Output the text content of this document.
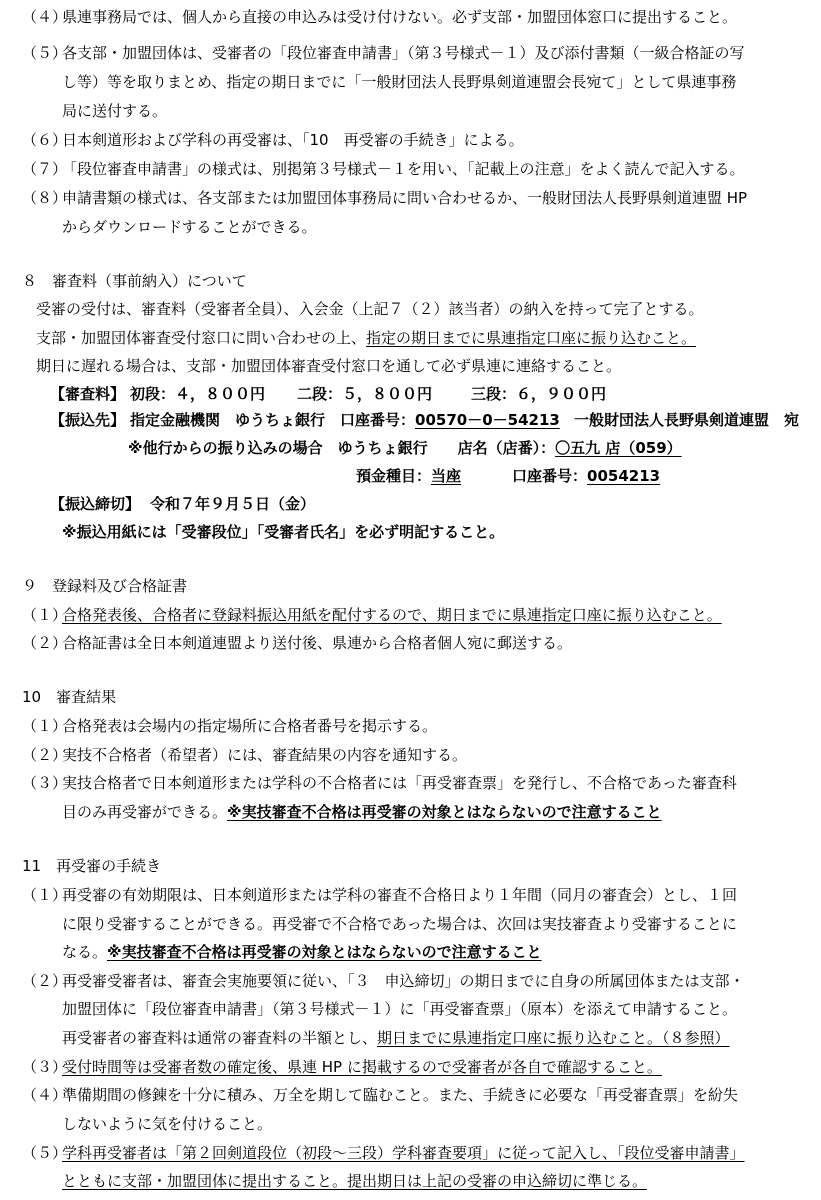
（４）
県連事務局では、個人から直接の申込みは受け付けない。必ず支部・加盟団体窓口に提出すること。
（５）
各支部・加盟団体は、受審者の「段位審査申請書」（第３号様式－１）及び添付書類（一級合格証の写
し等）等を取りまとめ、指定の期日までに「一般財団法人長野県剣道連盟会長宛て」として県連事務
局に送付する。
（６）
日本剣道形および学科の再受審は、「10　再受審の手続き」による。
（７）
「段位審査申請書」の様式は、別掲第３号様式－１を用い、「記載上の注意」をよく読んで記入する。
（８）
申請書類の様式は、各支部または加盟団体事務局に問い合わせるか、一般財団法人長野県剣道連盟 HP
からダウンロードすることができる。
８　審査料（事前納入）について
受審の受付は、審査料（受審者全員）、入会金（上記７（２）該当者）の納入を持って完了とする。
支部・加盟団体審査受付窓口に問い合わせの上、指定の期日までに県連指定口座に振り込むこと。
期日に遅れる場合は、支部・加盟団体審査受付窓口を通して必ず県連に連絡すること。
【審査料】 初段：４，８００円 二段：５，８００円	三段：６，９００円
【振込先】 指定金融機関　ゆうちょ銀行　口座番号：00570－0－54213 一般財団法人長野県剣道連盟　宛
※他行からの振り込みの場合　ゆうちょ銀行　　店名（店番）：〇五九 店（059）
預金種目：当座	口座番号：0054213
【振込締切】 令和７年９月５日（金）
※振込用紙には「受審段位」「受審者氏名」を必ず明記すること。
９　登録料及び合格証書
（１）
合格発表後、合格者に登録料振込用紙を配付するので、期日までに県連指定口座に振り込むこと。
（２）
合格証書は全日本剣道連盟より送付後、県連から合格者個人宛に郵送する。
10　審査結果
（１）
合格発表は会場内の指定場所に合格者番号を掲示する。
（２）
実技不合格者（希望者）には、審査結果の内容を通知する。
（３）
実技合格者で日本剣道形または学科の不合格者には「再受審査票」を発行し、不合格であった審査科
目のみ再受審ができる。※実技審査不合格は再受審の対象とはならないので注意すること
11　再受審の手続き
（１）
再受審の有効期限は、日本剣道形または学科の審査不合格日より１年間（同月の審査会）とし、１回
に限り受審することができる。再受審で不合格であった場合は、次回は実技審査より受審することに
なる。※実技審査不合格は再受審の対象とはならないので注意すること
（２）
再受審受審者は、審査会実施要領に従い、「３　申込締切」の期日までに自身の所属団体または支部・
加盟団体に「段位審査申請書」（第３号様式－１）に「再受審査票」（原本）を添えて申請すること。
再受審者の審査料は通常の審査料の半額とし、期日までに県連指定口座に振り込むこと。（８参照）
（３）
受付時間等は受審者数の確定後、県連 HP に掲載するので受審者が各自で確認すること。
（４）
準備期間の修錬を十分に積み、万全を期して臨むこと。また、手続きに必要な「再受審査票」を紛失
しないように気を付けること。
（５）
学科再受審者は「第２回剣道段位（初段～三段）学科審査要項」に従って記入し、「段位受審申請書」
とともに支部・加盟団体に提出すること。提出期日は上記の受審の申込締切に準じる。
